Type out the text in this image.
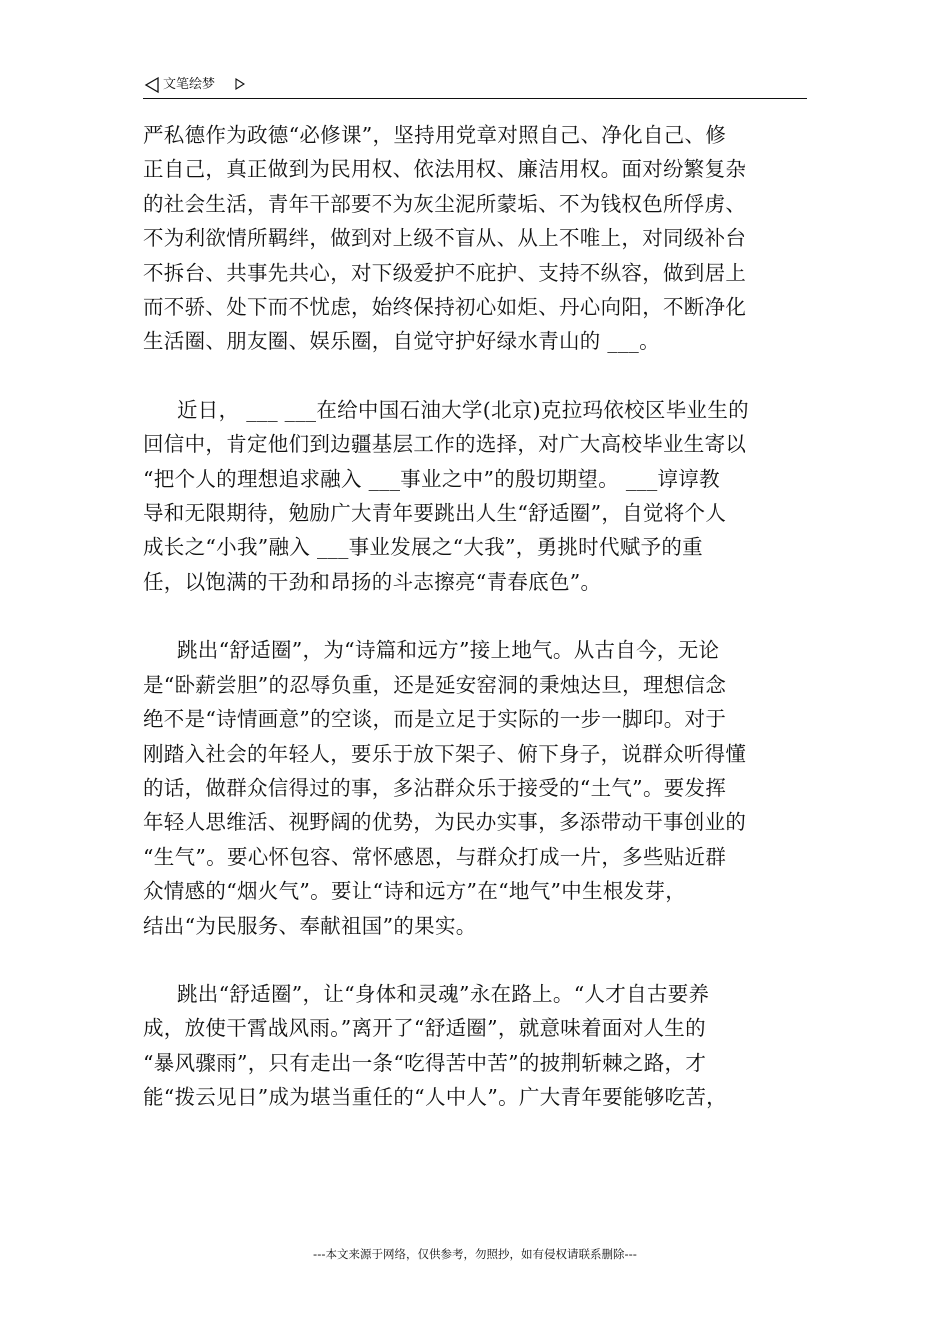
文笔绘梦

严私德作为政德“必修课”，坚持用党章对照自己、净化自己、修
正自己，真正做到为民用权、依法用权、廉洁用权。面对纷繁复杂
的社会生活，青年干部要不为灰尘泥所蒙垢、不为钱权色所俘虏、
不为利欲情所羁绊，做到对上级不盲从、从上不唯上，对同级补台
不拆台、共事先共心，对下级爱护不庇护、支持不纵容，做到居上
而不骄、处下而不忧虑，始终保持初心如炬、丹心向阳，不断净化
生活圈、朋友圈、娱乐圈，自觉守护好绿水青山的 ___。

近日， ___ ___在给中国石油大学(北京)克拉玛依校区毕业生的
回信中，肯定他们到边疆基层工作的选择，对广大高校毕业生寄以
“把个人的理想追求融入 ___事业之中”的殷切期望。 ___谆谆教
导和无限期待，勉励广大青年要跳出人生“舒适圈”，自觉将个人
成长之“小我”融入 ___事业发展之“大我”，勇挑时代赋予的重
任，以饱满的干劲和昂扬的斗志擦亮“青春底色”。

跳出“舒适圈”，为“诗篇和远方”接上地气。从古自今，无论
是“卧薪尝胆”的忍辱负重，还是延安窑洞的秉烛达旦，理想信念
绝不是“诗情画意”的空谈，而是立足于实际的一步一脚印。对于
刚踏入社会的年轻人，要乐于放下架子、俯下身子，说群众听得懂
的话，做群众信得过的事，多沾群众乐于接受的“土气”。要发挥
年轻人思维活、视野阔的优势，为民办实事，多添带动干事创业的
“生气”。要心怀包容、常怀感恩，与群众打成一片，多些贴近群
众情感的“烟火气”。要让“诗和远方”在“地气”中生根发芽，
结出“为民服务、奉献祖国”的果实。

跳出“舒适圈”，让“身体和灵魂”永在路上。“人才自古要养
成，放使干霄战风雨。”离开了“舒适圈”，就意味着面对人生的
“暴风骤雨”，只有走出一条“吃得苦中苦”的披荆斩棘之路，才
能“拨云见日”成为堪当重任的“人中人”。广大青年要能够吃苦，

---本文来源于网络，仅供参考，勿照抄，如有侵权请联系删除---
